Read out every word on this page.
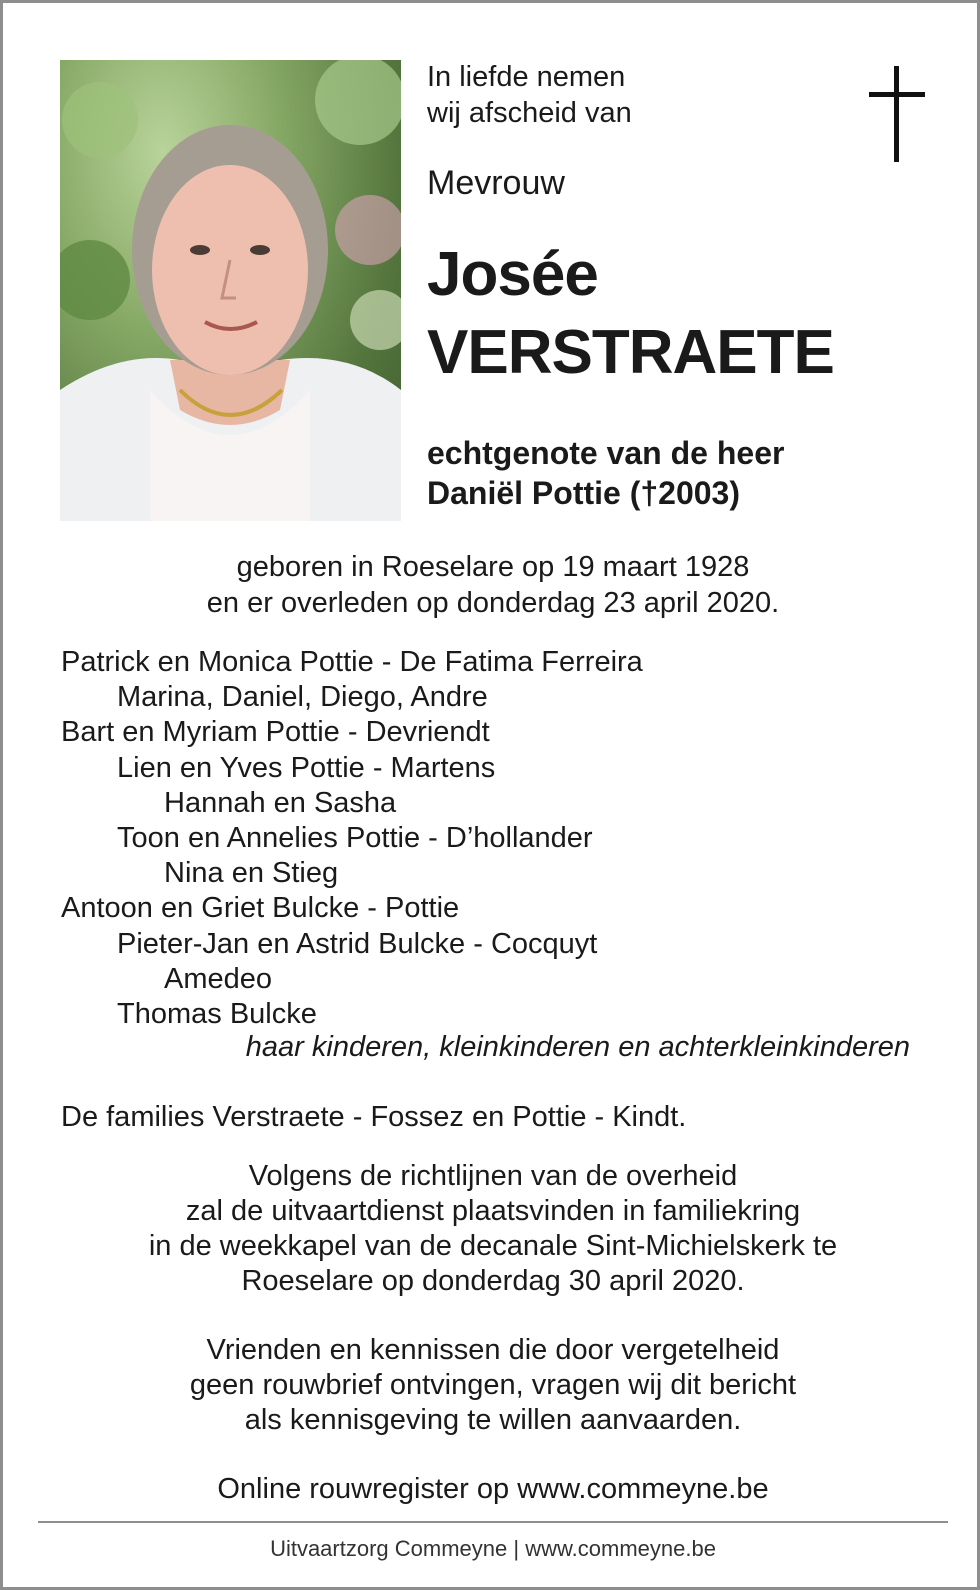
In liefde nemen
wij afscheid van
Mevrouw
Josée
VERSTRAETE
echtgenote van de heer
Daniël Pottie (†2003)
geboren in Roeselare op 19 maart 1928
en er overleden op donderdag 23 april 2020.
Patrick en Monica Pottie - De Fatima Ferreira
Marina, Daniel, Diego, Andre
Bart en Myriam Pottie - Devriendt
Lien en Yves Pottie - Martens
Hannah en Sasha
Toon en Annelies Pottie - D’hollander
Nina en Stieg
Antoon en Griet Bulcke - Pottie
Pieter-Jan en Astrid Bulcke - Cocquyt
Amedeo
Thomas Bulcke
haar kinderen, kleinkinderen en achterkleinkinderen
De families Verstraete - Fossez en Pottie - Kindt.
Volgens de richtlijnen van de overheid
zal de uitvaartdienst plaatsvinden in familiekring
in de weekkapel van de decanale Sint-Michielskerk te
Roeselare op donderdag 30 april 2020.
Vrienden en kennissen die door vergetelheid
geen rouwbrief ontvingen, vragen wij dit bericht
als kennisgeving te willen aanvaarden.
Online rouwregister op www.commeyne.be
Uitvaartzorg Commeyne | www.commeyne.be
